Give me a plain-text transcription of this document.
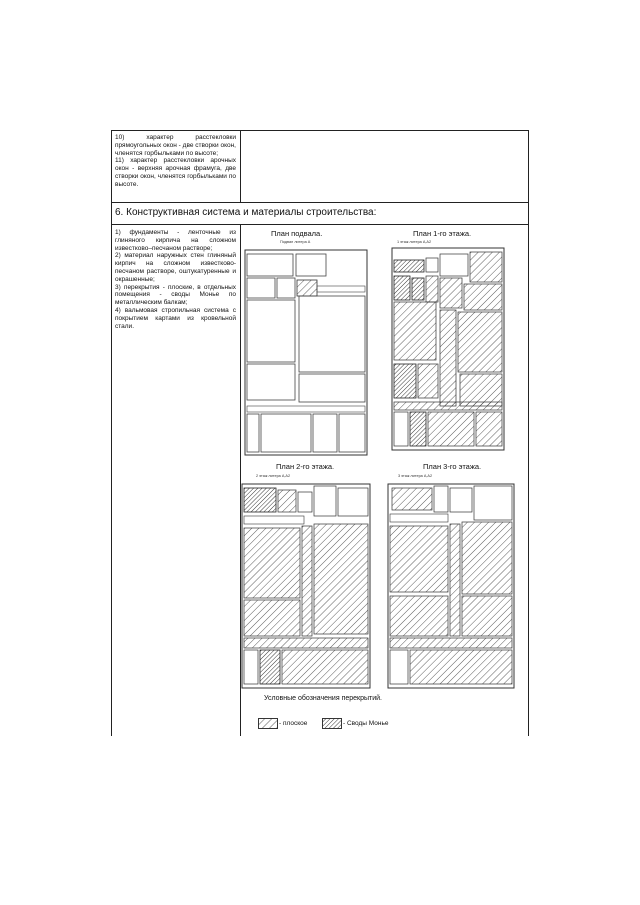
10) характер расстекловки прямоугольных окон - две створки окон, членятся горбыльками по высоте;

11) характер расстекловки арочных окон - верхняя арочная фрамуга, две створки окон, членятся горбыльками по высоте.

6. Конструктивная система и материалы строительства:

1) фундаменты - ленточные из глиняного кирпича на сложном известково–песчаном растворе;

2) материал наружных стен глиняный кирпич на сложном известково-песчаном растворе, оштукатуренные и окрашенные;

3) перекрытия - плоские, в отдельных помещения - своды Монье по металлическим балкам;

4) вальмовая стропильная система с покрытием картами из кровельной стали.

План подвала.
Подвал литера А
План 1-го этажа.
1 этаж литера А,А2
План 2-го этажа.
2 этаж литера А,А2
План 3-го этажа.
3 этаж литера А,А2
Условные обозначения перекрытий.
- плоское	- Своды Монье
